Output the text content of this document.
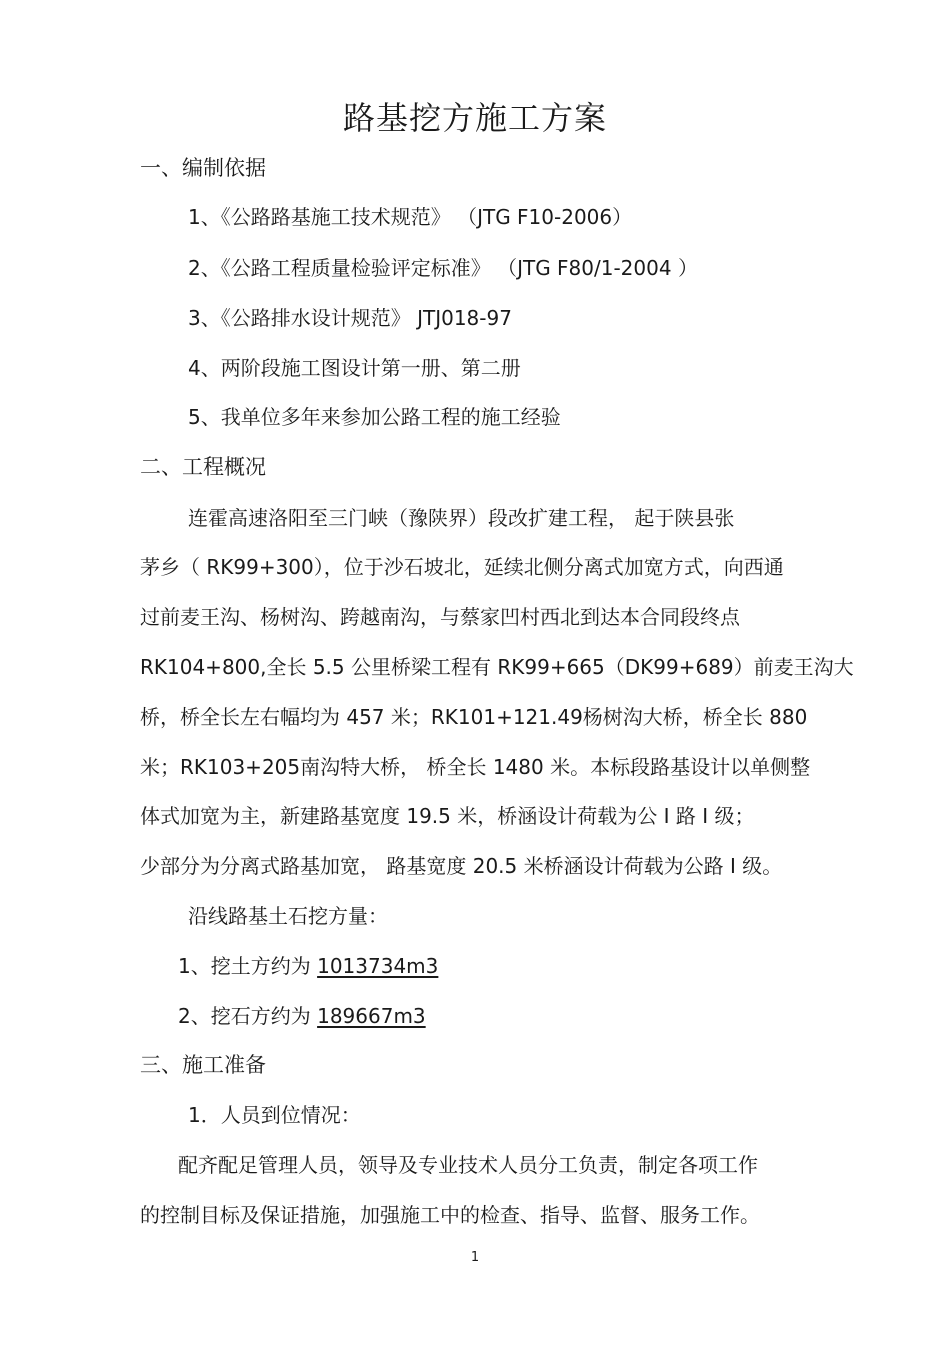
路基挖方施工方案
一、编制依据
1、《公路路基施工技术规范》 （JTG F10-2006）
2、《公路工程质量检验评定标准》 （JTG F80/1-2004 ）
3、《公路排水设计规范》 JTJ018-97
4、两阶段施工图设计第一册、第二册
5、我单位多年来参加公路工程的施工经验
二、工程概况
连霍高速洛阳至三门峡（豫陕界）段改扩建工程， 起于陕县张
茅乡（ RK99+300），位于沙石坡北，延续北侧分离式加宽方式，向西通
过前麦王沟、杨树沟、跨越南沟，与蔡家凹村西北到达本合同段终点
RK104+800,全长 5.5 公里桥梁工程有 RK99+665（DK99+689）前麦王沟大
桥，桥全长左右幅均为 457 米；RK101+121.49杨树沟大桥，桥全长 880
米；RK103+205南沟特大桥， 桥全长 1480 米。本标段路基设计以单侧整
体式加宽为主，新建路基宽度 19.5 米，桥涵设计荷载为公 Ⅰ 路 Ⅰ 级；
少部分为分离式路基加宽， 路基宽度 20.5 米桥涵设计荷载为公路 Ⅰ 级。
沿线路基土石挖方量：
1、挖土方约为 1013734m3
2、挖石方约为 189667m3
三、施工准备
1．人员到位情况：
配齐配足管理人员，领导及专业技术人员分工负责，制定各项工作
的控制目标及保证措施，加强施工中的检查、指导、监督、服务工作。
1
